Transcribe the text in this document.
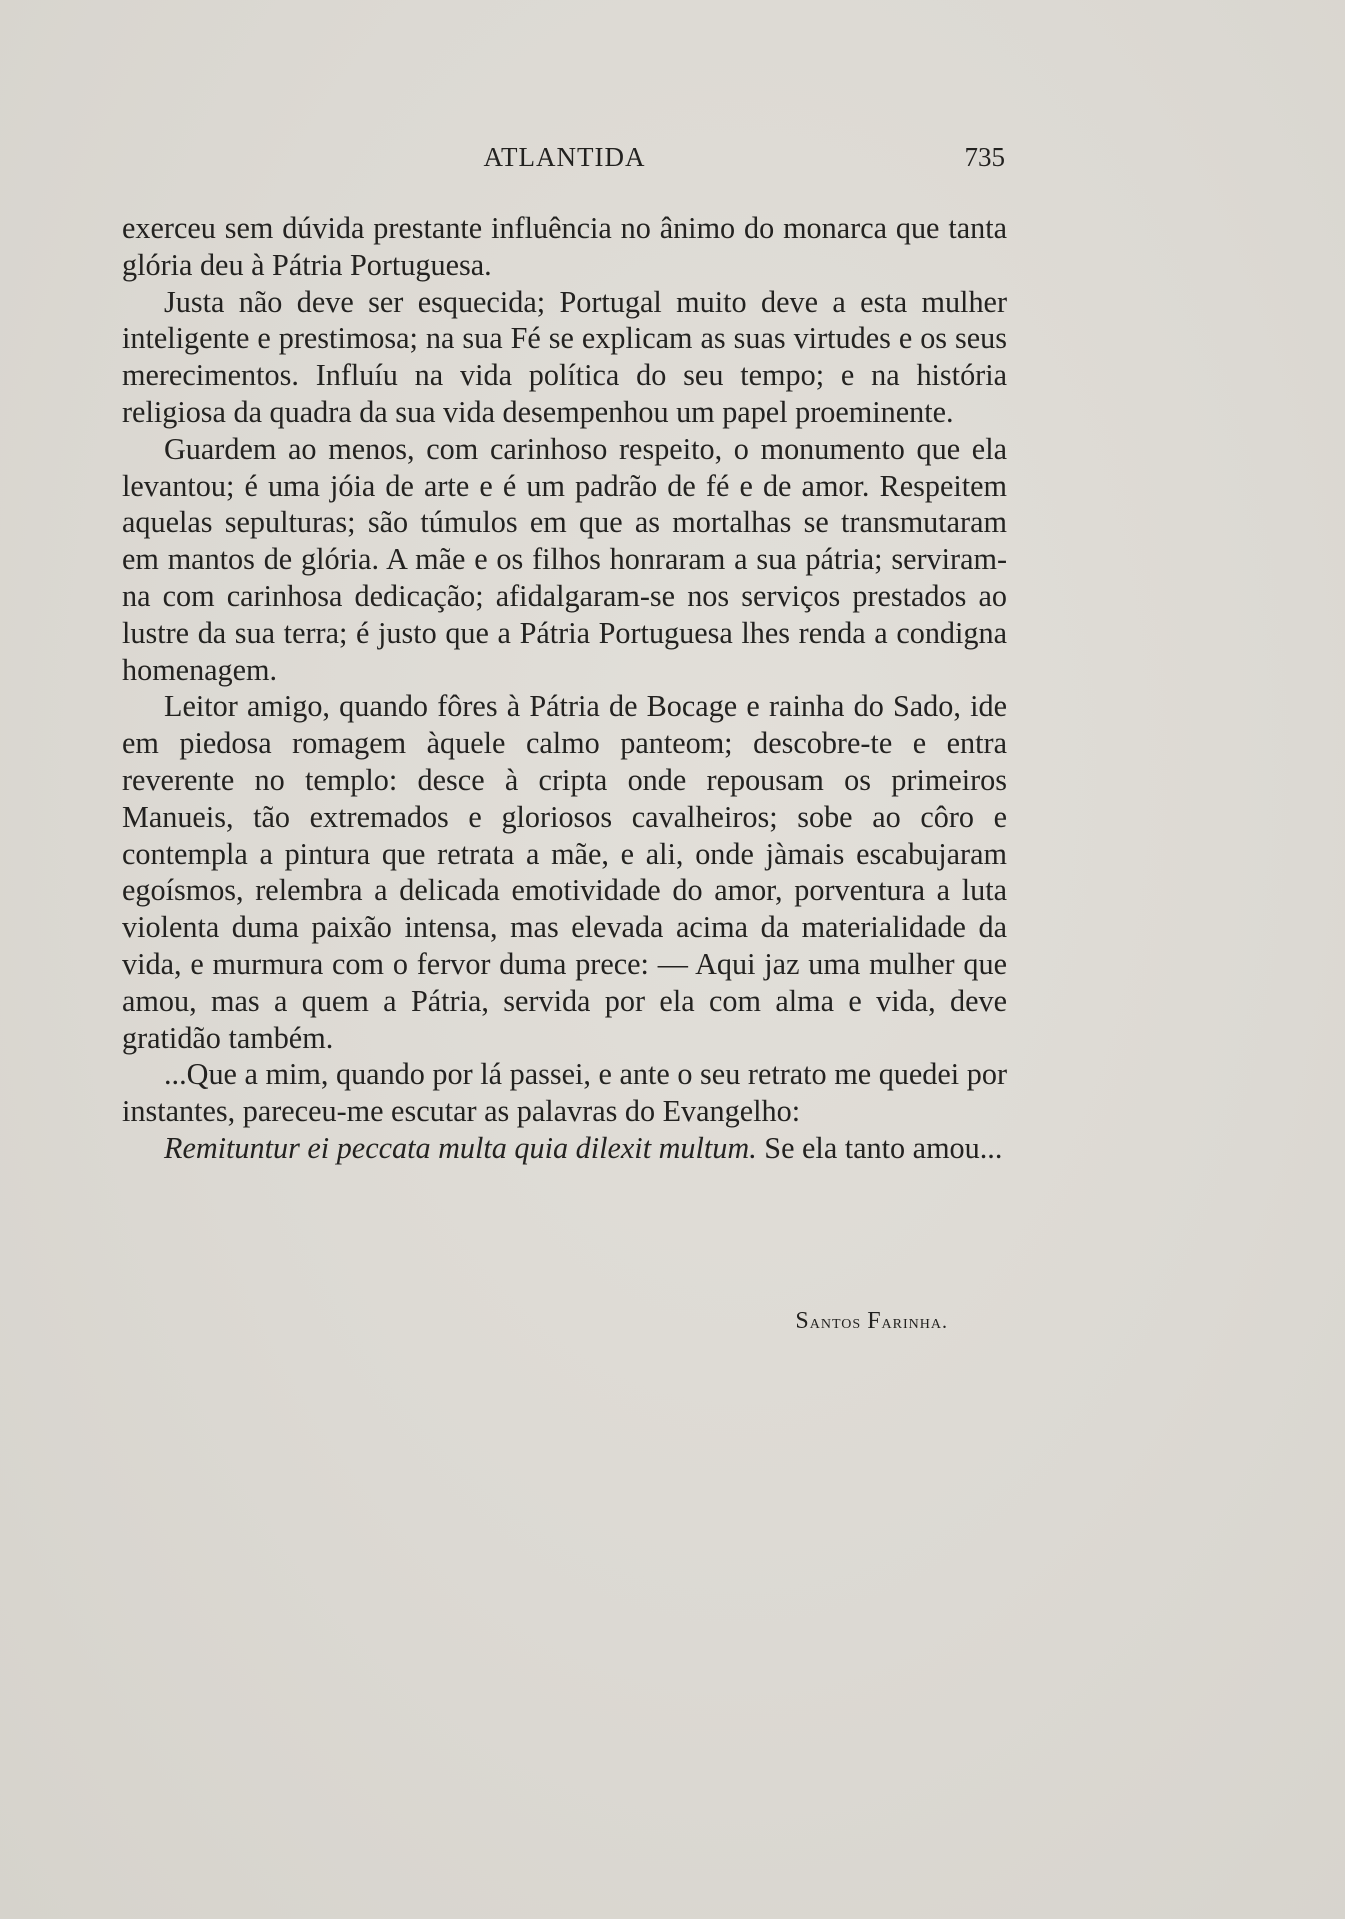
ATLANTIDA	735

exerceu sem dúvida prestante influência no ânimo do monarca que tanta glória deu à Pátria Portuguesa.

Justa não deve ser esquecida; Portugal muito deve a esta mulher inteligente e prestimosa; na sua Fé se explicam as suas virtudes e os seus merecimentos. Influíu na vida política do seu tempo; e na história religiosa da quadra da sua vida desempenhou um papel proeminente.

Guardem ao menos, com carinhoso respeito, o monumento que ela levantou; é uma jóia de arte e é um padrão de fé e de amor. Respeitem aquelas sepulturas; são túmulos em que as mortalhas se transmutaram em mantos de glória. A mãe e os filhos honraram a sua pátria; serviram-na com carinhosa dedicação; afidalgaram-se nos serviços prestados ao lustre da sua terra; é justo que a Pátria Portuguesa lhes renda a condigna homenagem.

Leitor amigo, quando fôres à Pátria de Bocage e rainha do Sado, ide em piedosa romagem àquele calmo panteom; descobre-te e entra reverente no templo: desce à cripta onde repousam os primeiros Manueis, tão extremados e gloriosos cavalheiros; sobe ao côro e contempla a pintura que retrata a mãe, e ali, onde jàmais escabujaram egoísmos, relembra a delicada emotividade do amor, porventura a luta violenta duma paixão intensa, mas elevada acima da materialidade da vida, e murmura com o fervor duma prece: — Aqui jaz uma mulher que amou, mas a quem a Pátria, servida por ela com alma e vida, deve gratidão também.

...Que a mim, quando por lá passei, e ante o seu retrato me quedei por instantes, pareceu-me escutar as palavras do Evangelho:

Remituntur ei peccata multa quia dilexit multum. Se ela tanto amou...

Santos Farinha.
